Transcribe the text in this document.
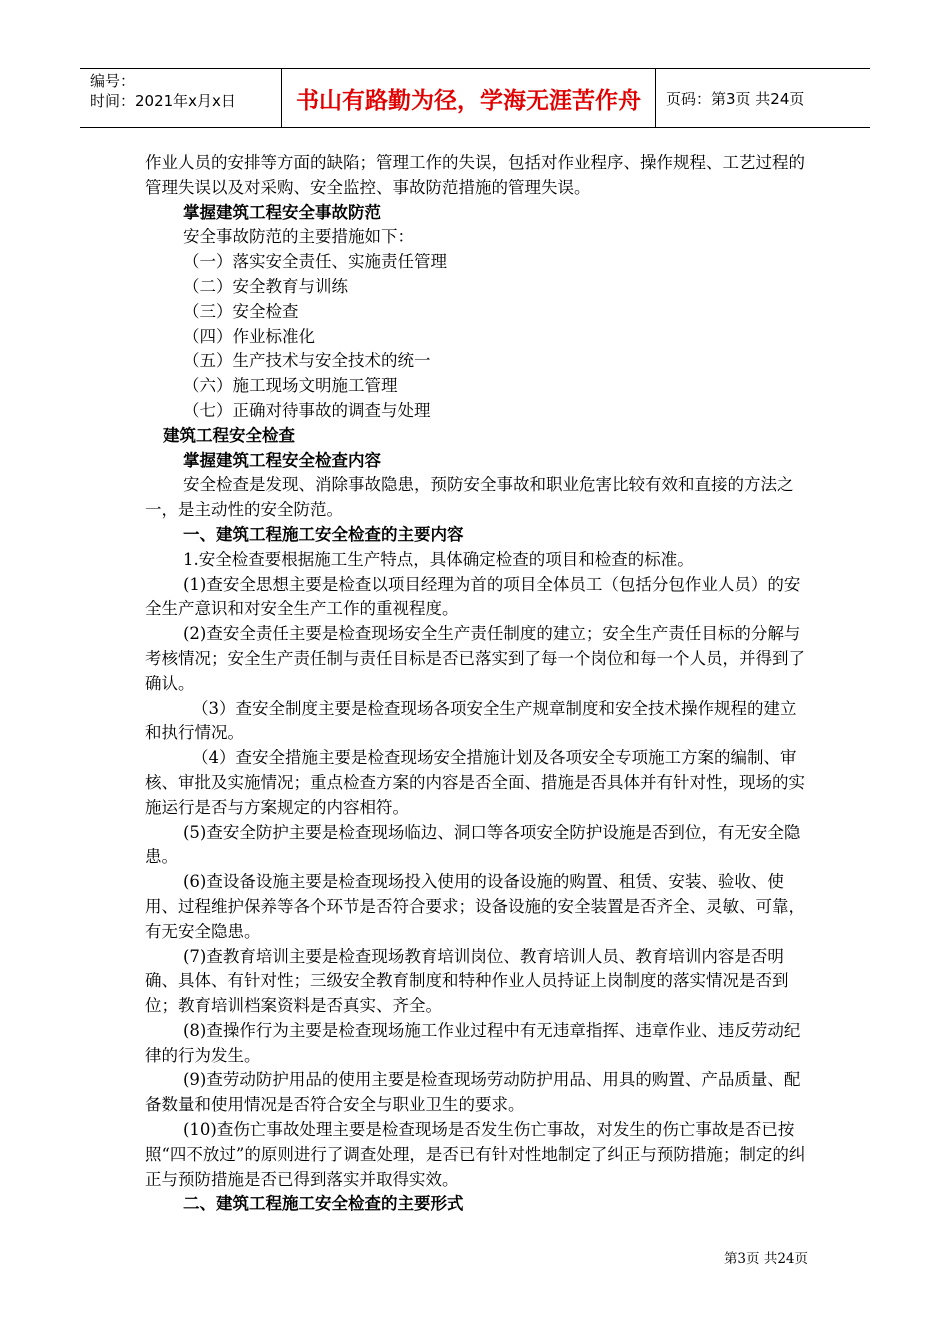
编号：
时间：2021年x月x日	书山有路勤为径，学海无涯苦作舟	页码：第3页 共24页

作业人员的安排等方面的缺陷；管理工作的失误，包括对作业程序、操作规程、工艺过程的管理失误以及对采购、安全监控、事故防范措施的管理失误。

掌握建筑工程安全事故防范

安全事故防范的主要措施如下：

（一）落实安全责任、实施责任管理

（二）安全教育与训练

（三）安全检查

（四）作业标准化

（五）生产技术与安全技术的统一

（六）施工现场文明施工管理

（七）正确对待事故的调查与处理

建筑工程安全检查

掌握建筑工程安全检查内容

安全检查是发现、消除事故隐患，预防安全事故和职业危害比较有效和直接的方法之一，是主动性的安全防范。

一、建筑工程施工安全检查的主要内容

1.安全检查要根据施工生产特点，具体确定检查的项目和检查的标准。

(1)查安全思想主要是检查以项目经理为首的项目全体员工（包括分包作业人员）的安全生产意识和对安全生产工作的重视程度。

(2)查安全责任主要是检查现场安全生产责任制度的建立；安全生产责任目标的分解与考核情况；安全生产责任制与责任目标是否已落实到了每一个岗位和每一个人员，并得到了确认。

（3）查安全制度主要是检查现场各项安全生产规章制度和安全技术操作规程的建立和执行情况。

（4）查安全措施主要是检查现场安全措施计划及各项安全专项施工方案的编制、审核、审批及实施情况；重点检查方案的内容是否全面、措施是否具体并有针对性，现场的实施运行是否与方案规定的内容相符。

(5)查安全防护主要是检查现场临边、洞口等各项安全防护设施是否到位，有无安全隐患。

(6)查设备设施主要是检查现场投入使用的设备设施的购置、租赁、安装、验收、使用、过程维护保养等各个环节是否符合要求；设备设施的安全装置是否齐全、灵敏、可靠，有无安全隐患。

(7)查教育培训主要是检查现场教育培训岗位、教育培训人员、教育培训内容是否明确、具体、有针对性；三级安全教育制度和特种作业人员持证上岗制度的落实情况是否到位；教育培训档案资料是否真实、齐全。

(8)查操作行为主要是检查现场施工作业过程中有无违章指挥、违章作业、违反劳动纪律的行为发生。

(9)查劳动防护用品的使用主要是检查现场劳动防护用品、用具的购置、产品质量、配备数量和使用情况是否符合安全与职业卫生的要求。

(10)查伤亡事故处理主要是检查现场是否发生伤亡事故，对发生的伤亡事故是否已按照“四不放过”的原则进行了调查处理，是否已有针对性地制定了纠正与预防措施；制定的纠正与预防措施是否已得到落实并取得实效。

二、建筑工程施工安全检查的主要形式

第3页 共24页
